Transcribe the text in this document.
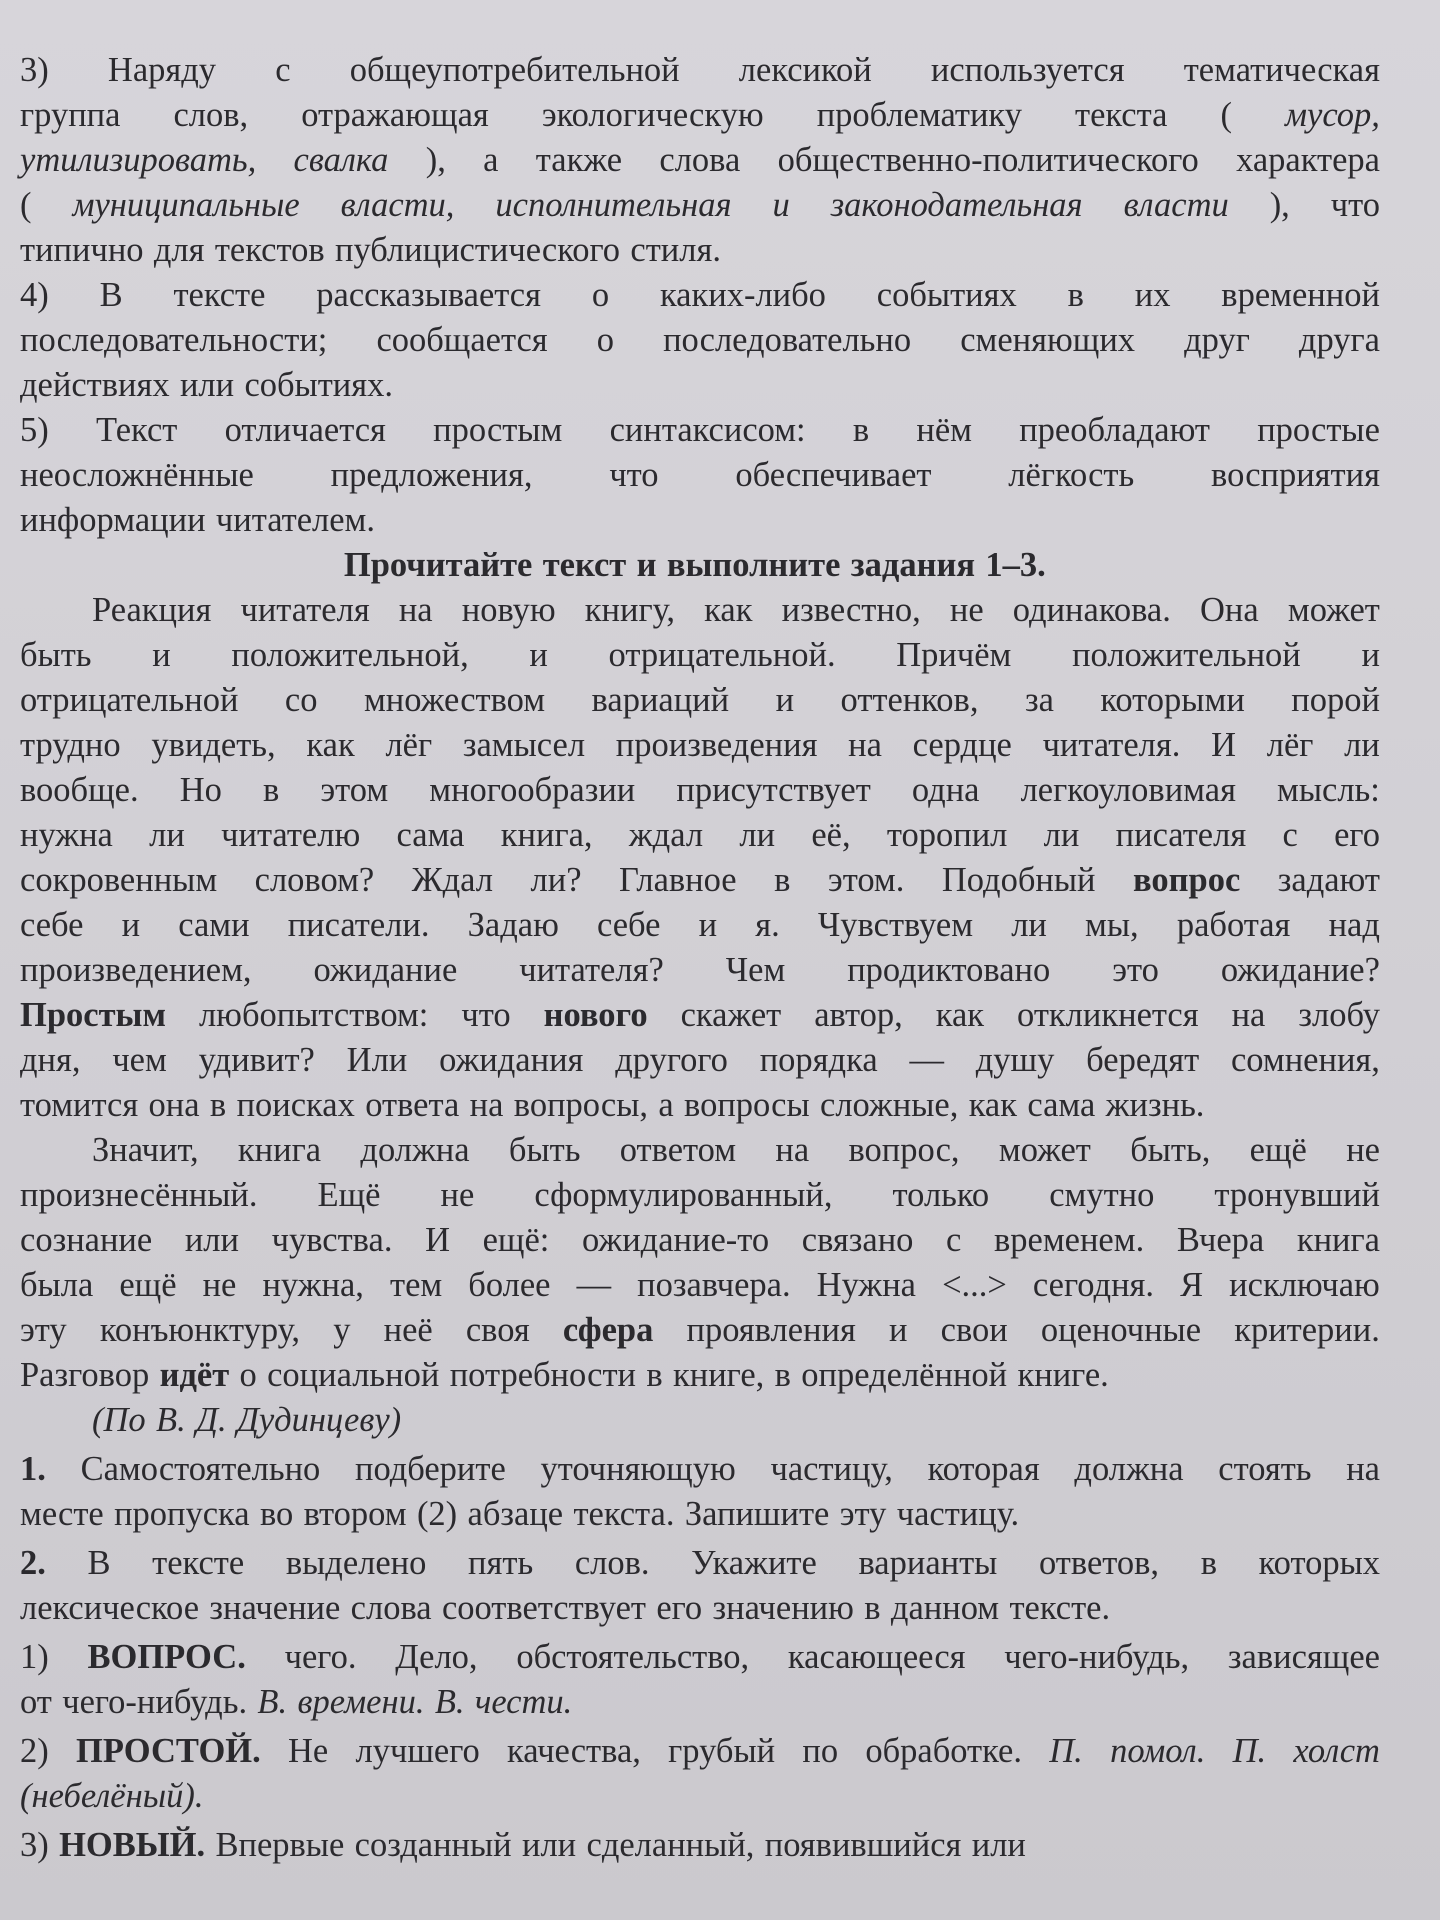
3) Наряду с общеупотребительной лексикой используется тематическая
группа слов, отражающая экологическую проблематику текста ( мусор,
утилизировать, свалка ), а также слова общественно-политического характера
( муниципальные власти, исполнительная и законодательная власти ), что
типично для текстов публицистического стиля.
4) В тексте рассказывается о каких-либо событиях в их временной
последовательности; сообщается о последовательно сменяющих друг друга
действиях или событиях.
5) Текст отличается простым синтаксисом: в нём преобладают простые
неосложнённые предложения, что обеспечивает лёгкость восприятия
информации читателем.
Прочитайте текст и выполните задания 1–3.
Реакция читателя на новую книгу, как известно, не одинакова. Она может
быть и положительной, и отрицательной. Причём положительной и
отрицательной со множеством вариаций и оттенков, за которыми порой
трудно увидеть, как лёг замысел произведения на сердце читателя. И лёг ли
вообще. Но в этом многообразии присутствует одна легкоуловимая мысль:
нужна ли читателю сама книга, ждал ли её, торопил ли писателя с его
сокровенным словом? Ждал ли? Главное в этом. Подобный вопрос задают
себе и сами писатели. Задаю себе и я. Чувствуем ли мы, работая над
произведением, ожидание читателя? Чем продиктовано это ожидание?
Простым любопытством: что нового скажет автор, как откликнется на злобу
дня, чем удивит? Или ожидания другого порядка — душу бередят сомнения,
томится она в поисках ответа на вопросы, а вопросы сложные, как сама жизнь.
Значит, книга должна быть ответом на вопрос, может быть, ещё не
произнесённый. Ещё не сформулированный, только смутно тронувший
сознание или чувства. И ещё: ожидание-то связано с временем. Вчера книга
была ещё не нужна, тем более — позавчера. Нужна <...> сегодня. Я исключаю
эту конъюнктуру, у неё своя сфера проявления и свои оценочные критерии.
Разговор идёт о социальной потребности в книге, в определённой книге.
(По В. Д. Дудинцеву)
1. Самостоятельно подберите уточняющую частицу, которая должна стоять на
месте пропуска во втором (2) абзаце текста. Запишите эту частицу.
2. В тексте выделено пять слов. Укажите варианты ответов, в которых
лексическое значение слова соответствует его значению в данном тексте.
1) ВОПРОС. чего. Дело, обстоятельство, касающееся чего-нибудь, зависящее
от чего-нибудь. В. времени. В. чести.
2) ПРОСТОЙ. Не лучшего качества, грубый по обработке. П. помол. П. холст
(небелёный).
3) НОВЫЙ. Впервые созданный или сделанный, появившийся или
